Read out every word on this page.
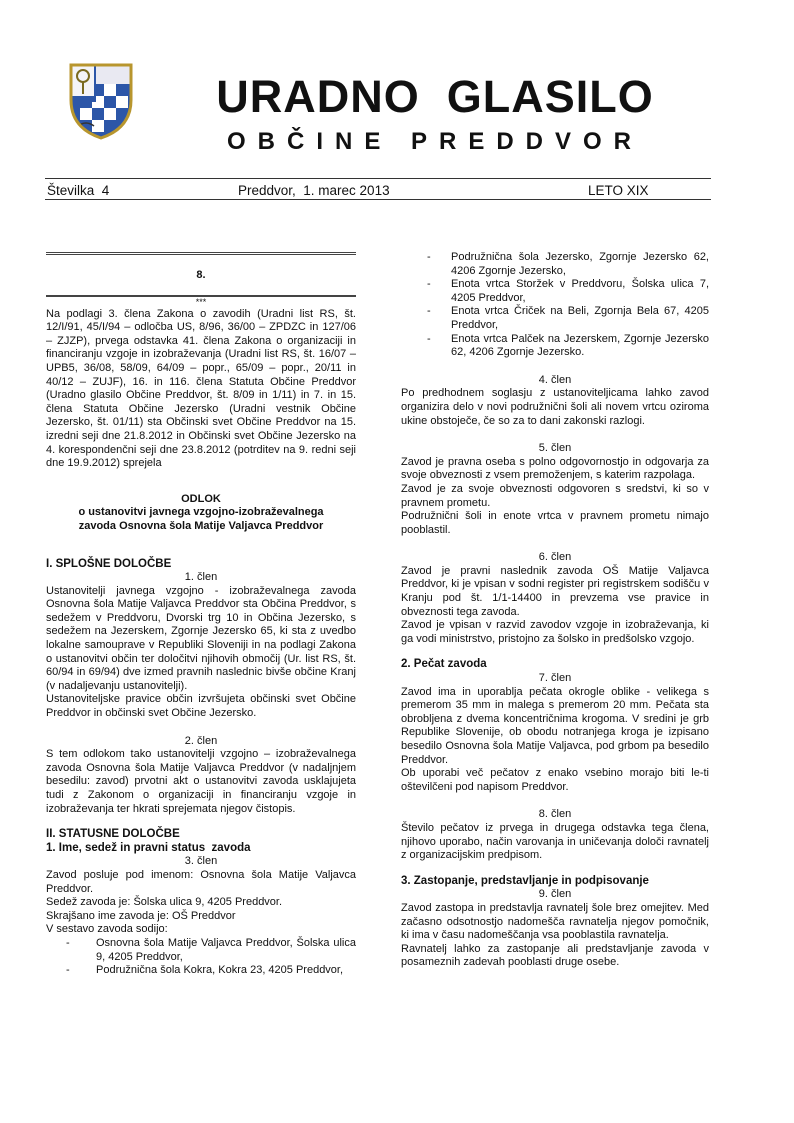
URADNO  GLASILO
OBČINE PREDDVOR
Številka  4	Preddvor,  1. marec 2013	LETO XIX

8.

***

Na podlagi 3. člena Zakona o zavodih (Uradni list RS, št. 12/I/91, 45/I/94 – odločba US, 8/96, 36/00 – ZPDZC in 127/06 – ZJZP), prvega odstavka 41. člena Zakona o organizaciji in financiranju vzgoje in izobraževanja (Uradni list RS, št. 16/07 – UPB5, 36/08, 58/09, 64/09 – popr., 65/09 – popr., 20/11 in 40/12 – ZUJF), 16. in 116. člena Statuta Občine Preddvor (Uradno glasilo Občine Preddvor, št. 8/09 in 1/11) in 7. in 15. člena Statuta Občine Jezersko (Uradni vestnik Občine Jezersko, št. 01/11) sta Občinski svet Občine Preddvor na 15. izredni seji dne 21.8.2012 in Občinski svet Občine Jezersko na 4. korespondenčni seji dne 23.8.2012 (potrditev na 9. redni seji dne 19.9.2012) sprejela

ODLOK

o ustanovitvi javnega vzgojno-izobraževalnega

zavoda Osnovna šola Matije Valjavca Preddvor

I. SPLOŠNE DOLOČBE

1. člen

Ustanovitelji javnega vzgojno - izobraževalnega zavoda Osnovna šola Matije Valjavca Preddvor sta Občina Preddvor, s sedežem v Preddvoru, Dvorski trg 10 in Občina Jezersko, s sedežem na Jezerskem, Zgornje Jezersko 65, ki sta z uvedbo lokalne samouprave v Republiki Sloveniji in na podlagi Zakona o ustanovitvi občin ter določitvi njihovih območij (Ur. list RS, št. 60/94 in 69/94) dve izmed pravnih naslednic bivše občine Kranj (v nadaljevanju ustanovitelji).

Ustanoviteljske pravice občin izvršujeta občinski svet Občine Preddvor in občinski svet Občine Jezersko.

2. člen

S tem odlokom tako ustanovitelji vzgojno – izobraževalnega zavoda Osnovna šola Matije Valjavca Preddvor (v nadaljnjem besedilu: zavod) prvotni akt o ustanovitvi zavoda usklajujeta tudi z Zakonom o organizaciji in financiranju vzgoje in izobraževanja ter hkrati sprejemata njegov čistopis.

II. STATUSNE DOLOČBE

1. Ime, sedež in pravni status  zavoda

3. člen

Zavod posluje pod imenom: Osnovna šola Matije Valjavca Preddvor.

Sedež zavoda je: Šolska ulica 9, 4205 Preddvor.

Skrajšano ime zavoda je: OŠ Preddvor

V sestavo zavoda sodijo:

- Osnovna šola Matije Valjavca Preddvor, Šolska ulica 9, 4205 Preddvor,
- Podružnična šola Kokra, Kokra 23, 4205 Preddvor,
- Podružnična šola Jezersko, Zgornje Jezersko 62, 4206 Zgornje Jezersko,
- Enota vrtca Storžek v Preddvoru, Šolska ulica 7, 4205 Preddvor,
- Enota vrtca Čriček na Beli, Zgornja Bela 67, 4205 Preddvor,
- Enota vrtca Palček na Jezerskem, Zgornje Jezersko 62, 4206 Zgornje Jezersko.

4. člen

Po predhodnem soglasju z ustanoviteljicama lahko zavod organizira delo v novi podružnični šoli ali novem vrtcu oziroma ukine obstoječe, če so za to dani zakonski razlogi.

5. člen

Zavod je pravna oseba s polno odgovornostjo in odgovarja za svoje obveznosti z vsem premoženjem, s katerim razpolaga.

Zavod je za svoje obveznosti odgovoren s sredstvi, ki so v pravnem prometu.

Podružnični šoli in enote vrtca v pravnem prometu nimajo pooblastil.

6. člen

Zavod je pravni naslednik zavoda OŠ Matije Valjavca Preddvor, ki je vpisan v sodni register pri registrskem sodišču v Kranju pod št. 1/1-14400 in prevzema vse pravice in obveznosti tega zavoda.

Zavod je vpisan v razvid zavodov vzgoje in izobraževanja, ki ga vodi ministrstvo, pristojno za šolsko in predšolsko vzgojo.

2. Pečat zavoda

7. člen

Zavod ima in uporablja pečata okrogle oblike - velikega s premerom 35 mm in malega s premerom 20 mm. Pečata sta obrobljena z dvema koncentričnima krogoma. V sredini je grb Republike Slovenije, ob obodu notranjega kroga je izpisano besedilo Osnovna šola Matije Valjavca, pod grbom pa besedilo Preddvor.

Ob uporabi več pečatov z enako vsebino morajo biti le-ti oštevilčeni pod napisom Preddvor.

8. člen

Število pečatov iz prvega in drugega odstavka tega člena, njihovo uporabo, način varovanja in uničevanja določi ravnatelj z organizacijskim predpisom.

3. Zastopanje, predstavljanje in podpisovanje

9. člen

Zavod zastopa in predstavlja ravnatelj šole brez omejitev. Med začasno odsotnostjo nadomešča ravnatelja njegov pomočnik, ki ima v času nadomeščanja vsa pooblastila ravnatelja.

Ravnatelj lahko za zastopanje ali predstavljanje zavoda v posameznih zadevah pooblasti druge osebe.
